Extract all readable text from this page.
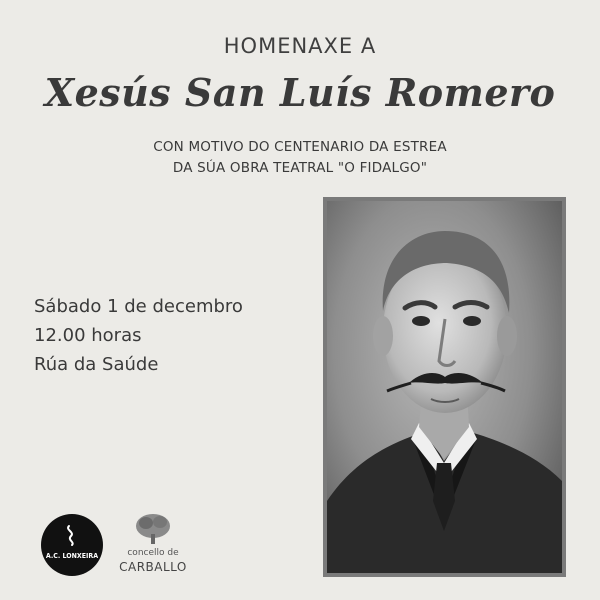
HOMENAXE A
Xesús San Luís Romero
CON MOTIVO DO CENTENARIO DA ESTREA
DA SÚA OBRA TEATRAL "O FIDALGO"
Sábado 1 de decembro
12.00 horas
Rúa da Saúde
A.C. LONXEIRA	concello de
CARBALLO
